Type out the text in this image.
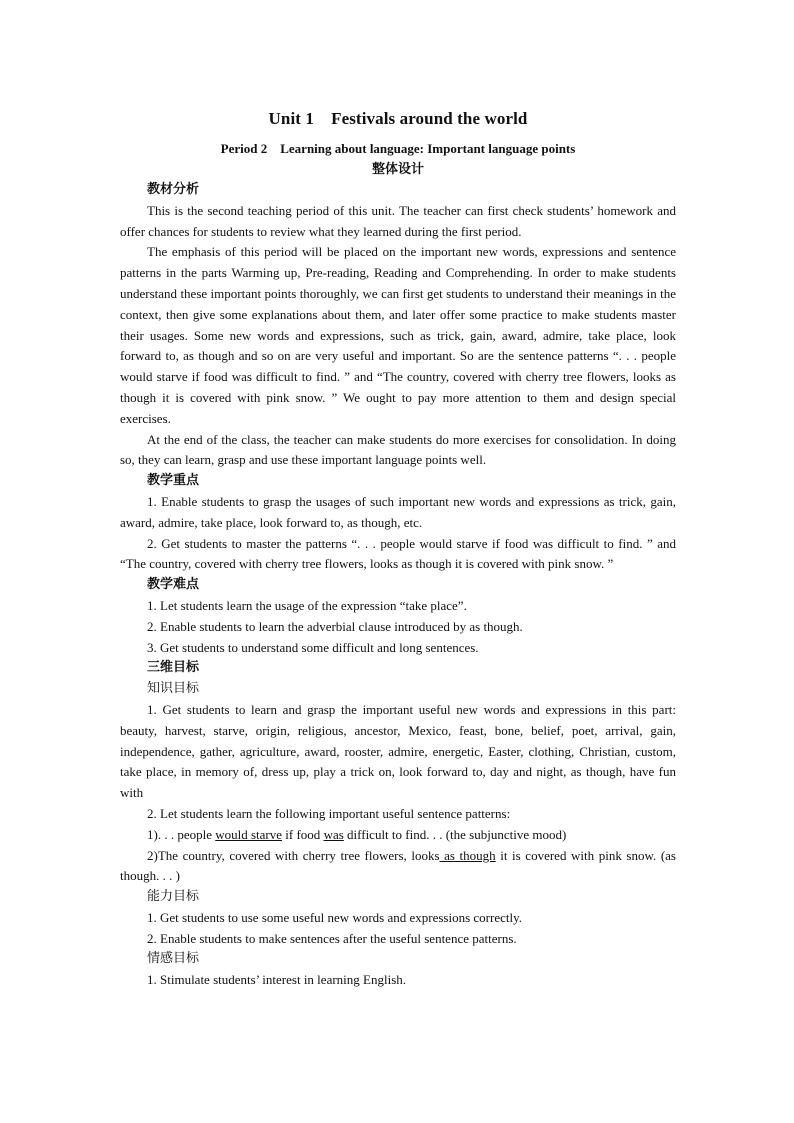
Unit 1　Festivals around the world
Period 2　Learning about language: Important language points
整体设计
教材分析

This is the second teaching period of this unit. The teacher can first check students’ homework and offer chances for students to review what they learned during the first period.

The emphasis of this period will be placed on the important new words, expressions and sentence patterns in the parts Warming up, Pre-reading, Reading and Comprehending. In order to make students understand these important points thoroughly, we can first get students to understand their meanings in the context, then give some explanations about them, and later offer some practice to make students master their usages. Some new words and expressions, such as trick, gain, award, admire, take place, look forward to, as though and so on are very useful and important. So are the sentence patterns “. . . people would starve if food was difficult to find. ” and “The country, covered with cherry tree flowers, looks as though it is covered with pink snow. ” We ought to pay more attention to them and design special exercises.

At the end of the class, the teacher can make students do more exercises for consolidation. In doing so, they can learn, grasp and use these important language points well.

教学重点

1. Enable students to grasp the usages of such important new words and expressions as trick, gain, award, admire, take place, look forward to, as though, etc.

2. Get students to master the patterns “. . . people would starve if food was difficult to find. ” and “The country, covered with cherry tree flowers, looks as though it is covered with pink snow. ”

教学难点

1. Let students learn the usage of the expression “take place”.

2. Enable students to learn the adverbial clause introduced by as though.

3. Get students to understand some difficult and long sentences.

三维目标
知识目标

1. Get students to learn and grasp the important useful new words and expressions in this part: beauty, harvest, starve, origin, religious, ancestor, Mexico, feast, bone, belief, poet, arrival, gain, independence, gather, agriculture, award, rooster, admire, energetic, Easter, clothing, Christian, custom, take place, in memory of, dress up, play a trick on, look forward to, day and night, as though, have fun with

2. Let students learn the following important useful sentence patterns:

1). . . people would starve if food was difficult to find. . . (the subjunctive mood)

2)The country, covered with cherry tree flowers, looks as though it is covered with pink snow. (as though. . . )

能力目标

1. Get students to use some useful new words and expressions correctly.

2. Enable students to make sentences after the useful sentence patterns.

情感目标

1. Stimulate students’ interest in learning English.
